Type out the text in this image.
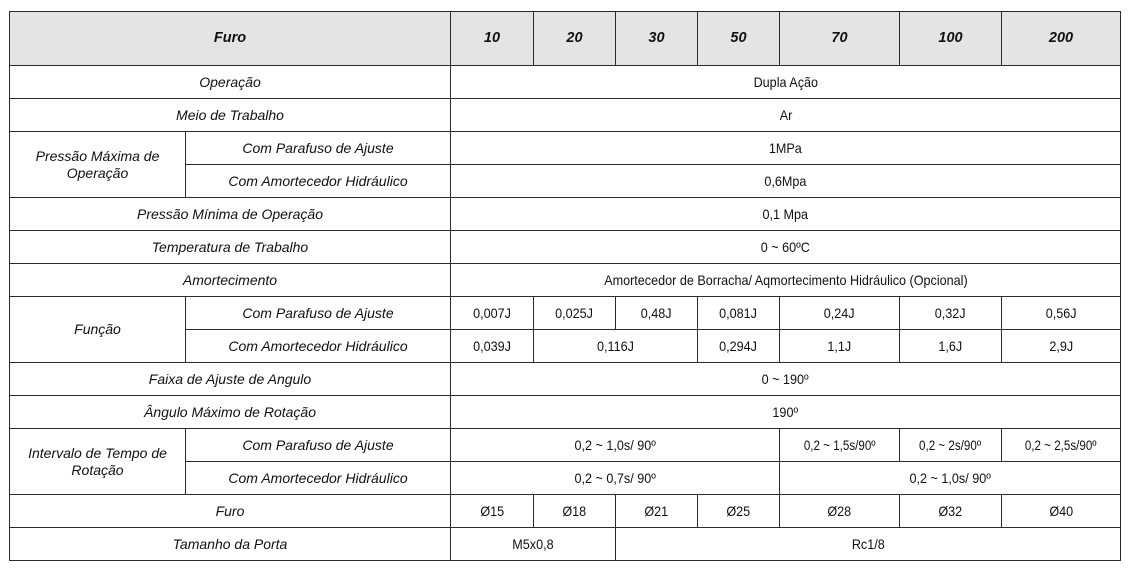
Furo		10	20	30	50	70	100	200
Operação		Dupla Ação						
Meio de Trabalho		Ar						
Pressão Máxima de Operação	Com Parafuso de Ajuste	1MPa						
	Com Amortecedor Hidráulico	0,6Mpa						
Pressão Mínima de Operação		0,1 Mpa						
Temperatura de Trabalho		0 ~ 60ºC						
Amortecimento		Amortecedor de Borracha/ Aqmortecimento Hidráulico (Opcional)						
Função	Com Parafuso de Ajuste	0,007J	0,025J	0,48J	0,081J	0,24J	0,32J	0,56J
	Com Amortecedor Hidráulico	0,039J	0,116J		0,294J	1,1J	1,6J	2,9J
Faixa de Ajuste de Angulo		0 ~ 190º						
Ângulo Máximo de Rotação		190º						
Intervalo de Tempo de Rotação	Com Parafuso de Ajuste	0,2 ~ 1,0s/ 90º				0,2 ~ 1,5s/90º	0,2 ~ 2s/90º	0,2 ~ 2,5s/90º
	Com Amortecedor Hidráulico	0,2 ~ 0,7s/ 90º				0,2 ~ 1,0s/ 90º		
Furo		Ø15	Ø18	Ø21	Ø25	Ø28	Ø32	Ø40
Tamanho da Porta		M5x0,8		Rc1/8				
